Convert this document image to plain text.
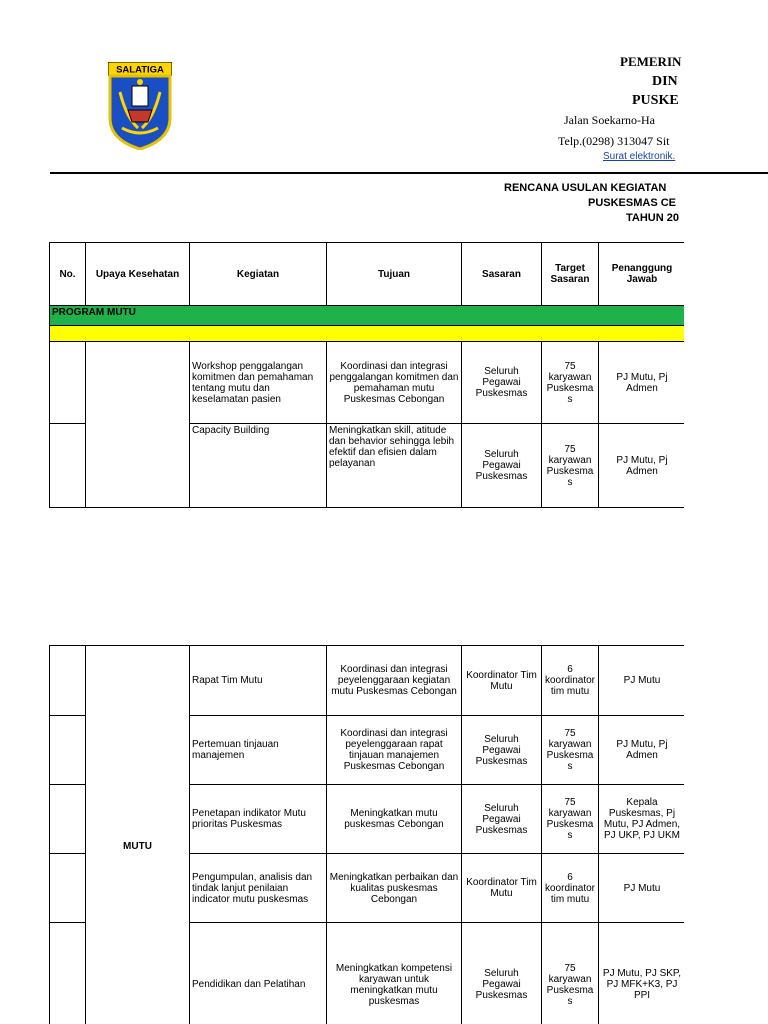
SALATIGA
PEMERIN
DIN
PUSKE
Jalan Soekarno-Ha
Telp.(0298) 313047 Sit
Surat elektronik.
RENCANA USULAN KEGIATAN
PUSKESMAS CE
TAHUN 20
No.	Upaya Kesehatan	Kegiatan	Tujuan	Sasaran	Target Sasaran	Penanggung Jawab
PROGRAM MUTU						

		Workshop penggalangan komitmen dan pemahaman tentang mutu dan keselamatan pasien	Koordinasi dan integrasi penggalangan komitmen dan pemahaman mutu Puskesmas Cebongan	Seluruh Pegawai Puskesmas	75 karyawan Puskesma s	PJ Mutu, Pj Admen
		Capacity Building	Meningkatkan skill, atitude dan behavior sehingga lebih efektif dan efisien dalam pelayanan	Seluruh Pegawai Puskesmas	75 karyawan Puskesma s	PJ Mutu, Pj Admen
	MUTU	Rapat Tim Mutu	Koordinasi dan integrasi peyelenggaraan kegiatan mutu Puskesmas Cebongan	Koordinator Tim Mutu	6 koordinator tim mutu	PJ Mutu
		Pertemuan tinjauan manajemen	Koordinasi dan integrasi peyelenggaraan rapat tinjauan manajemen Puskesmas Cebongan	Seluruh Pegawai Puskesmas	75 karyawan Puskesma s	PJ Mutu, Pj Admen
		Penetapan indikator Mutu prioritas Puskesmas	Meningkatkan mutu puskesmas Cebongan	Seluruh Pegawai Puskesmas	75 karyawan Puskesma s	Kepala Puskesmas, Pj Mutu, PJ Admen, PJ UKP, PJ UKM
		Pengumpulan, analisis dan tindak lanjut penilaian indicator mutu puskesmas	Meningkatkan perbaikan dan kualitas puskesmas Cebongan	Koordinator Tim Mutu	6 koordinator tim mutu	PJ Mutu
		Pendidikan dan Pelatihan	Meningkatkan kompetensi karyawan untuk meningkatkan mutu puskesmas	Seluruh Pegawai Puskesmas	75 karyawan Puskesma s	PJ Mutu, PJ SKP, PJ MFK+K3, PJ PPI
